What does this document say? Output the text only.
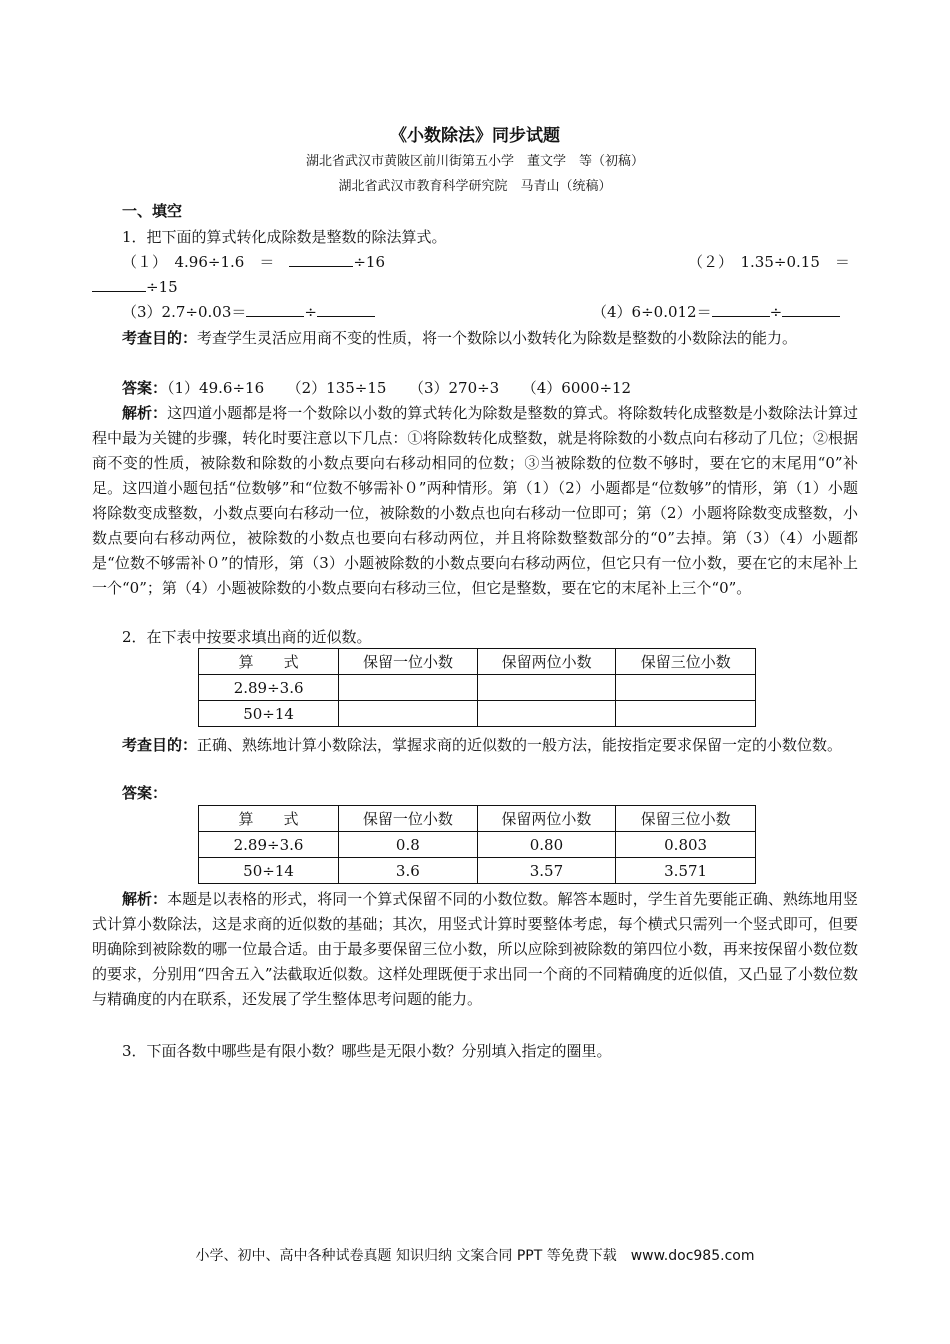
《小数除法》同步试题
湖北省武汉市黄陂区前川街第五小学　董文学　等（初稿）
湖北省武汉市教育科学研究院　马青山（统稿）
一、填空
1．把下面的算式转化成除数是整数的除法算式。
（１）　4.96÷1.6　＝　	÷16	（２）　1.35÷0.15　＝
÷15
（3）2.7÷0.03＝	÷	（4）6÷0.012＝	÷
考查目的：考查学生灵活应用商不变的性质，将一个数除以小数转化为除数是整数的小数除法的能力。
答案：（1）49.6÷16　　（2）135÷15　　（3）270÷3　　（4）6000÷12
解析：这四道小题都是将一个数除以小数的算式转化为除数是整数的算式。将除数转化成整数是小数除法计算过程中最为关键的步骤，转化时要注意以下几点：①将除数转化成整数，就是将除数的小数点向右移动了几位；②根据商不变的性质，被除数和除数的小数点要向右移动相同的位数；③当被除数的位数不够时，要在它的末尾用“0”补足。这四道小题包括“位数够”和“位数不够需补０”两种情形。第（1）（2）小题都是“位数够”的情形，第（1）小题将除数变成整数，小数点要向右移动一位，被除数的小数点也向右移动一位即可；第（2）小题将除数变成整数，小数点要向右移动两位，被除数的小数点也要向右移动两位，并且将除数整数部分的“0”去掉。第（3）（4）小题都是“位数不够需补０”的情形，第（3）小题被除数的小数点要向右移动两位，但它只有一位小数，要在它的末尾补上一个“0”；第（4）小题被除数的小数点要向右移动三位，但它是整数，要在它的末尾补上三个“0”。
2．在下表中按要求填出商的近似数。
算　　式	保留一位小数	保留两位小数	保留三位小数
2.89÷3.6			
50÷14			
考查目的：正确、熟练地计算小数除法，掌握求商的近似数的一般方法，能按指定要求保留一定的小数位数。
答案：
算　　式	保留一位小数	保留两位小数	保留三位小数
2.89÷3.6	0.8	0.80	0.803
50÷14	3.6	3.57	3.571
解析：本题是以表格的形式，将同一个算式保留不同的小数位数。解答本题时，学生首先要能正确、熟练地用竖式计算小数除法，这是求商的近似数的基础；其次，用竖式计算时要整体考虑，每个横式只需列一个竖式即可，但要明确除到被除数的哪一位最合适。由于最多要保留三位小数，所以应除到被除数的第四位小数，再来按保留小数位数的要求，分别用“四舍五入”法截取近似数。这样处理既便于求出同一个商的不同精确度的近似值，又凸显了小数位数与精确度的内在联系，还发展了学生整体思考问题的能力。
3．下面各数中哪些是有限小数？哪些是无限小数？分别填入指定的圈里。
小学、初中、高中各种试卷真题 知识归纳 文案合同 PPT 等免费下载　www.doc985.com
